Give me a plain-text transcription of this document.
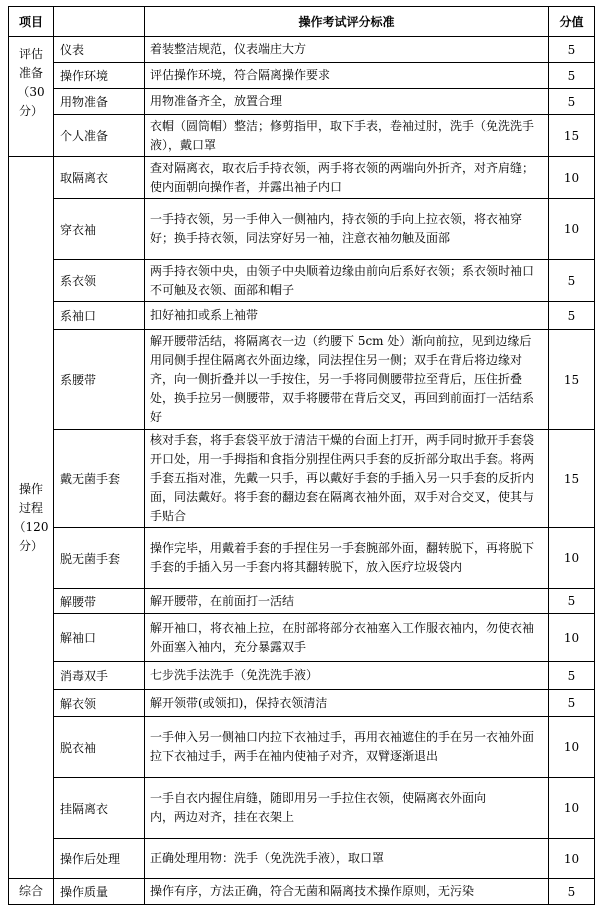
项目		操作考试评分标准	分值

评估
准备
（30
分）	仪表	着装整洁规范，仪表端庄大方	5
	操作环境	评估操作环境，符合隔离操作要求	5
	用物准备	用物准备齐全，放置合理	5
	个人准备	衣帽（圆筒帽）整洁；修剪指甲，取下手表，卷袖过肘，洗手（免洗洗手液），戴口罩	15

操作
过程
（120
分）	取隔离衣	查对隔离衣，取衣后手持衣领，两手将衣领的两端向外折齐，对齐肩缝；使内面朝向操作者，并露出袖子内口	10
	穿衣袖	一手持衣领，另一手伸入一侧袖内，持衣领的手向上拉衣领，将衣袖穿好；换手持衣领，同法穿好另一袖，注意衣袖勿触及面部	10
	系衣领	两手持衣领中央，由领子中央顺着边缘由前向后系好衣领；系衣领时袖口不可触及衣领、面部和帽子	5
	系袖口	扣好袖扣或系上袖带	5
	系腰带	解开腰带活结，将隔离衣一边（约腰下 5cm 处）渐向前拉，见到边缘后用同侧手捏住隔离衣外面边缘，同法捏住另一侧；双手在背后将边缘对齐，向一侧折叠并以一手按住，另一手将同侧腰带拉至背后，压住折叠处，换手拉另一侧腰带，双手将腰带在背后交叉，再回到前面打一活结系好	15
	戴无菌手套	核对手套，将手套袋平放于清洁干燥的台面上打开，两手同时掀开手套袋开口处，用一手拇指和食指分别捏住两只手套的反折部分取出手套。将两手套五指对准，先戴一只手，再以戴好手套的手插入另一只手套的反折内面，同法戴好。将手套的翻边套在隔离衣袖外面，双手对合交叉，使其与手贴合	15
	脱无菌手套	操作完毕，用戴着手套的手捏住另一手套腕部外面，翻转脱下，再将脱下手套的手插入另一手套内将其翻转脱下，放入医疗垃圾袋内	10
	解腰带	解开腰带，在前面打一活结	5
	解袖口	解开袖口，将衣袖上拉，在肘部将部分衣袖塞入工作服衣袖内，勿使衣袖外面塞入袖内，充分暴露双手	10
	消毒双手	七步洗手法洗手（免洗洗手液）	5
	解衣领	解开领带(或领扣)，保持衣领清洁	5
	脱衣袖	一手伸入另一侧袖口内拉下衣袖过手，再用衣袖遮住的手在另一衣袖外面拉下衣袖过手，两手在袖内使袖子对齐，双臂逐渐退出	10
	挂隔离衣	一手自衣内握住肩缝，随即用另一手拉住衣领，使隔离衣外面向
内，两边对齐，挂在衣架上	10
	操作后处理	正确处理用物：洗手（免洗洗手液），取口罩	10

综合	操作质量	操作有序，方法正确，符合无菌和隔离技术操作原则，无污染	5
